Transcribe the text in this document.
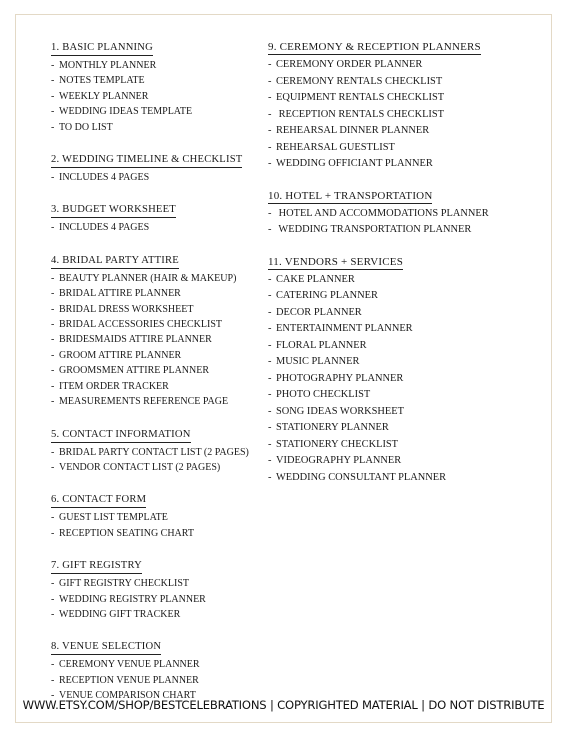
1. BASIC PLANNING
- MONTHLY PLANNER
- NOTES TEMPLATE
- WEEKLY PLANNER
- WEDDING IDEAS TEMPLATE
- TO DO LIST
2. WEDDING TIMELINE & CHECKLIST
- INCLUDES 4 PAGES
3. BUDGET WORKSHEET
- INCLUDES 4 PAGES
4. BRIDAL PARTY ATTIRE
- BEAUTY PLANNER (HAIR & MAKEUP)
- BRIDAL ATTIRE PLANNER
- BRIDAL DRESS WORKSHEET
- BRIDAL ACCESSORIES CHECKLIST
- BRIDESMAIDS ATTIRE PLANNER
- GROOM ATTIRE PLANNER
- GROOMSMEN ATTIRE PLANNER
- ITEM ORDER TRACKER
- MEASUREMENTS REFERENCE PAGE
5. CONTACT INFORMATION
- BRIDAL PARTY CONTACT LIST (2 PAGES)
- VENDOR CONTACT LIST (2 PAGES)
6. CONTACT FORM
- GUEST LIST TEMPLATE
- RECEPTION SEATING CHART
7. GIFT REGISTRY
- GIFT REGISTRY CHECKLIST
- WEDDING REGISTRY PLANNER
- WEDDING GIFT TRACKER
8. VENUE SELECTION
- CEREMONY VENUE PLANNER
- RECEPTION VENUE PLANNER
- VENUE COMPARISON CHART
9. CEREMONY & RECEPTION PLANNERS
- CEREMONY ORDER PLANNER
- CEREMONY RENTALS CHECKLIST
- EQUIPMENT RENTALS CHECKLIST
- RECEPTION RENTALS CHECKLIST
- REHEARSAL DINNER PLANNER
- REHEARSAL GUESTLIST
- WEDDING OFFICIANT PLANNER
10. HOTEL + TRANSPORTATION
- HOTEL AND ACCOMMODATIONS PLANNER
- WEDDING TRANSPORTATION PLANNER
11. VENDORS + SERVICES
- CAKE PLANNER
- CATERING PLANNER
- DECOR PLANNER
- ENTERTAINMENT PLANNER
- FLORAL PLANNER
- MUSIC PLANNER
- PHOTOGRAPHY PLANNER
- PHOTO CHECKLIST
- SONG IDEAS WORKSHEET
- STATIONERY PLANNER
- STATIONERY CHECKLIST
- VIDEOGRAPHY PLANNER
- WEDDING CONSULTANT PLANNER
WWW.ETSY.COM/SHOP/BESTCELEBRATIONS | COPYRIGHTED MATERIAL | DO NOT DISTRIBUTE
